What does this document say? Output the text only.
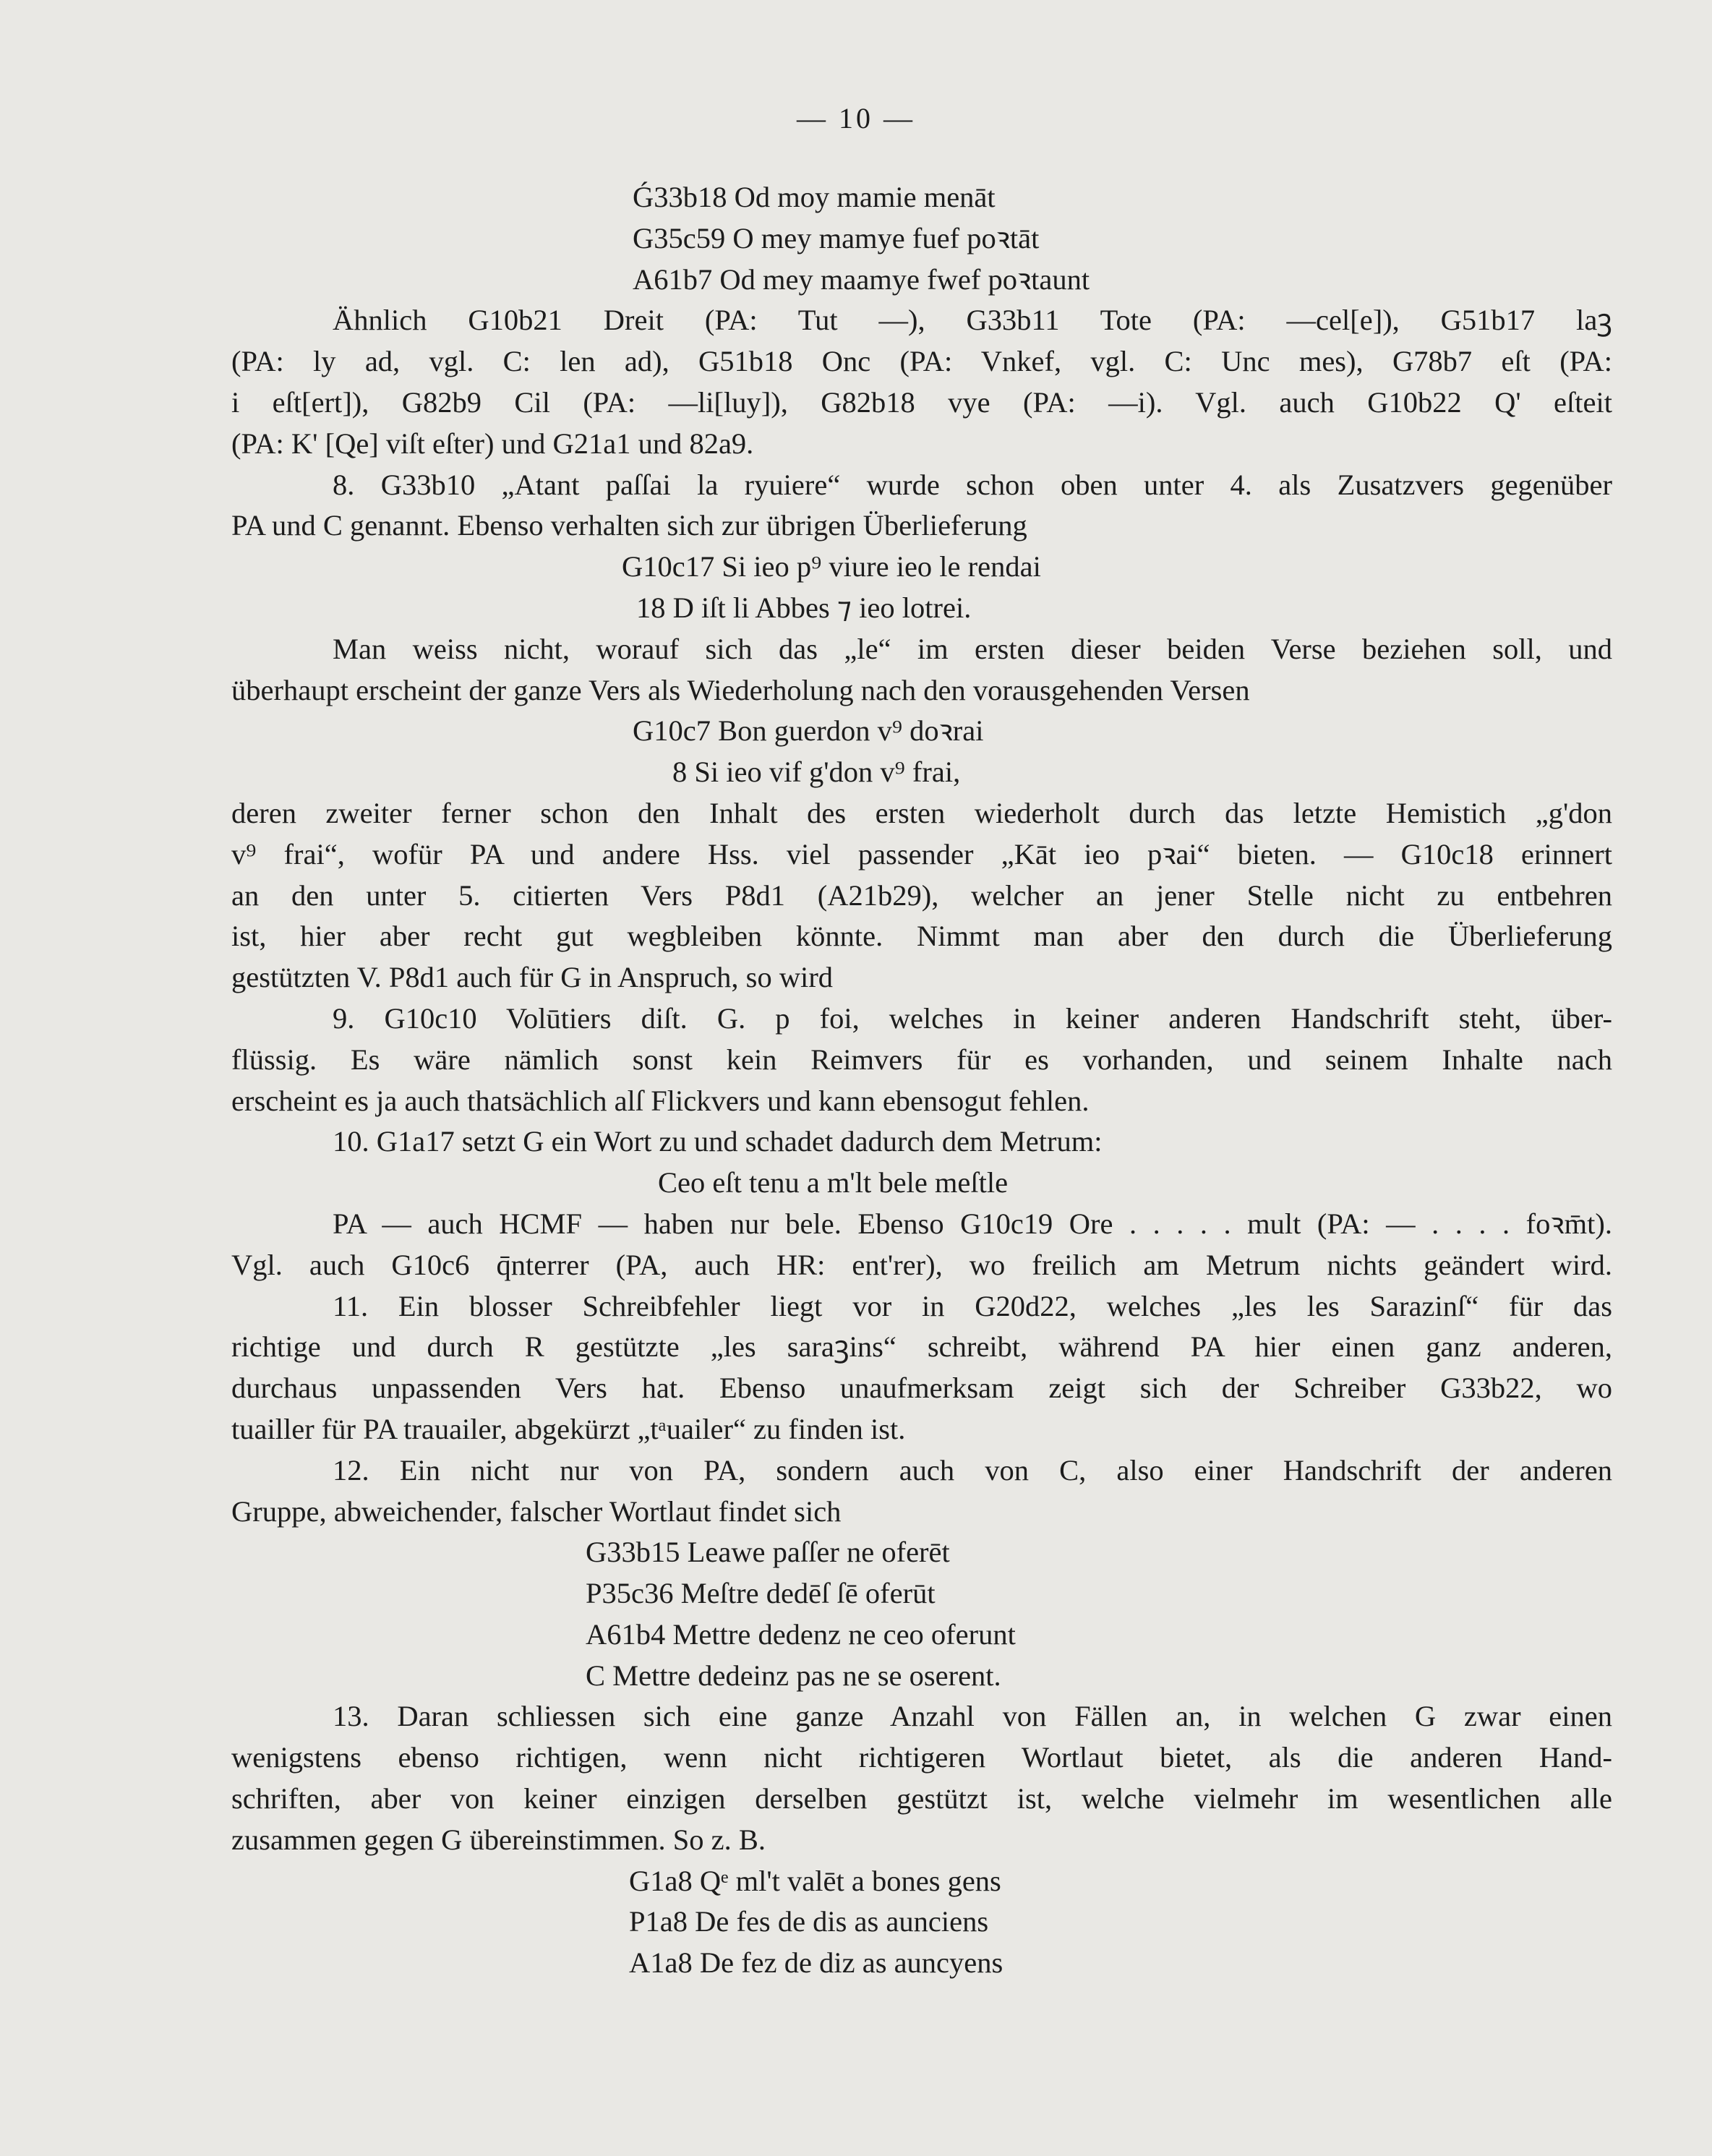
— 10 —
Ǵ33b18 Od moy mamie menāt
G35c59 O mey mamye fuef poꝛtāt
A61b7 Od mey maamye fwef poꝛtaunt
Ähnlich G10b21 Dreit (PA: Tut —), G33b11 Tote (PA: —cel[e]), G51b17 laꝫ
(PA: ly ad, vgl. C: len ad), G51b18 Onc (PA: Vnkef, vgl. C: Unc mes), G78b7 eſt (PA:
i eſt[ert]), G82b9 Cil (PA: —li[luy]), G82b18 vye (PA: —i). Vgl. auch G10b22 Q' eſteit
(PA: K' [Qe] viſt eſter) und G21a1 und 82a9.
8. G33b10 „Atant paſſai la ryuiere“ wurde schon oben unter 4. als Zusatzvers gegenüber
PA und C genannt. Ebenso verhalten sich zur übrigen Überlieferung
G10c17 Si ieo p⁹ viure ieo le rendai
18 D iſt li Abbes ⁊ ieo lotrei.
Man weiss nicht, worauf sich das „le“ im ersten dieser beiden Verse beziehen soll, und
überhaupt erscheint der ganze Vers als Wiederholung nach den vorausgehenden Versen
G10c7 Bon guerdon v⁹ doꝛrai
8 Si ieo vif g'don v⁹ frai,
deren zweiter ferner schon den Inhalt des ersten wiederholt durch das letzte Hemistich „g'don
v⁹ frai“, wofür PA und andere Hss. viel passender „Kāt ieo pꝛai“ bieten. — G10c18 erinnert
an den unter 5. citierten Vers P8d1 (A21b29), welcher an jener Stelle nicht zu entbehren
ist, hier aber recht gut wegbleiben könnte. Nimmt man aber den durch die Überlieferung
gestützten V. P8d1 auch für G in Anspruch, so wird
9. G10c10 Volūtiers diſt. G. p foi, welches in keiner anderen Handschrift steht, über-
flüssig. Es wäre nämlich sonst kein Reimvers für es vorhanden, und seinem Inhalte nach
erscheint es ja auch thatsächlich alſ Flickvers und kann ebensogut fehlen.
10. G1a17 setzt G ein Wort zu und schadet dadurch dem Metrum:
Ceo eſt tenu a m'lt bele meſtle
PA — auch HCMF — haben nur bele. Ebenso G10c19 Ore . . . . . mult (PA: — . . . . foꝛm̄t).
Vgl. auch G10c6 q̄nterrer (PA, auch HR: ent'rer), wo freilich am Metrum nichts geändert wird.
11. Ein blosser Schreibfehler liegt vor in G20d22, welches „les les Sarazinſ“ für das
richtige und durch R gestützte „les saraꝫins“ schreibt, während PA hier einen ganz anderen,
durchaus unpassenden Vers hat. Ebenso unaufmerksam zeigt sich der Schreiber G33b22, wo
tuailler für PA trauailer, abgekürzt „tᵃuailer“ zu finden ist.
12. Ein nicht nur von PA, sondern auch von C, also einer Handschrift der anderen
Gruppe, abweichender, falscher Wortlaut findet sich
G33b15 Leawe paſſer ne oferēt
P35c36 Meſtre dedēſ ſē oferūt
A61b4 Mettre dedenz ne ceo oferunt
C Mettre dedeinz pas ne se oserent.
13. Daran schliessen sich eine ganze Anzahl von Fällen an, in welchen G zwar einen
wenigstens ebenso richtigen, wenn nicht richtigeren Wortlaut bietet, als die anderen Hand-
schriften, aber von keiner einzigen derselben gestützt ist, welche vielmehr im wesentlichen alle
zusammen gegen G übereinstimmen. So z. B.
G1a8 Qᵉ ml't valēt a bones gens
P1a8 De fes de dis as aunciens
A1a8 De fez de diz as auncyens
